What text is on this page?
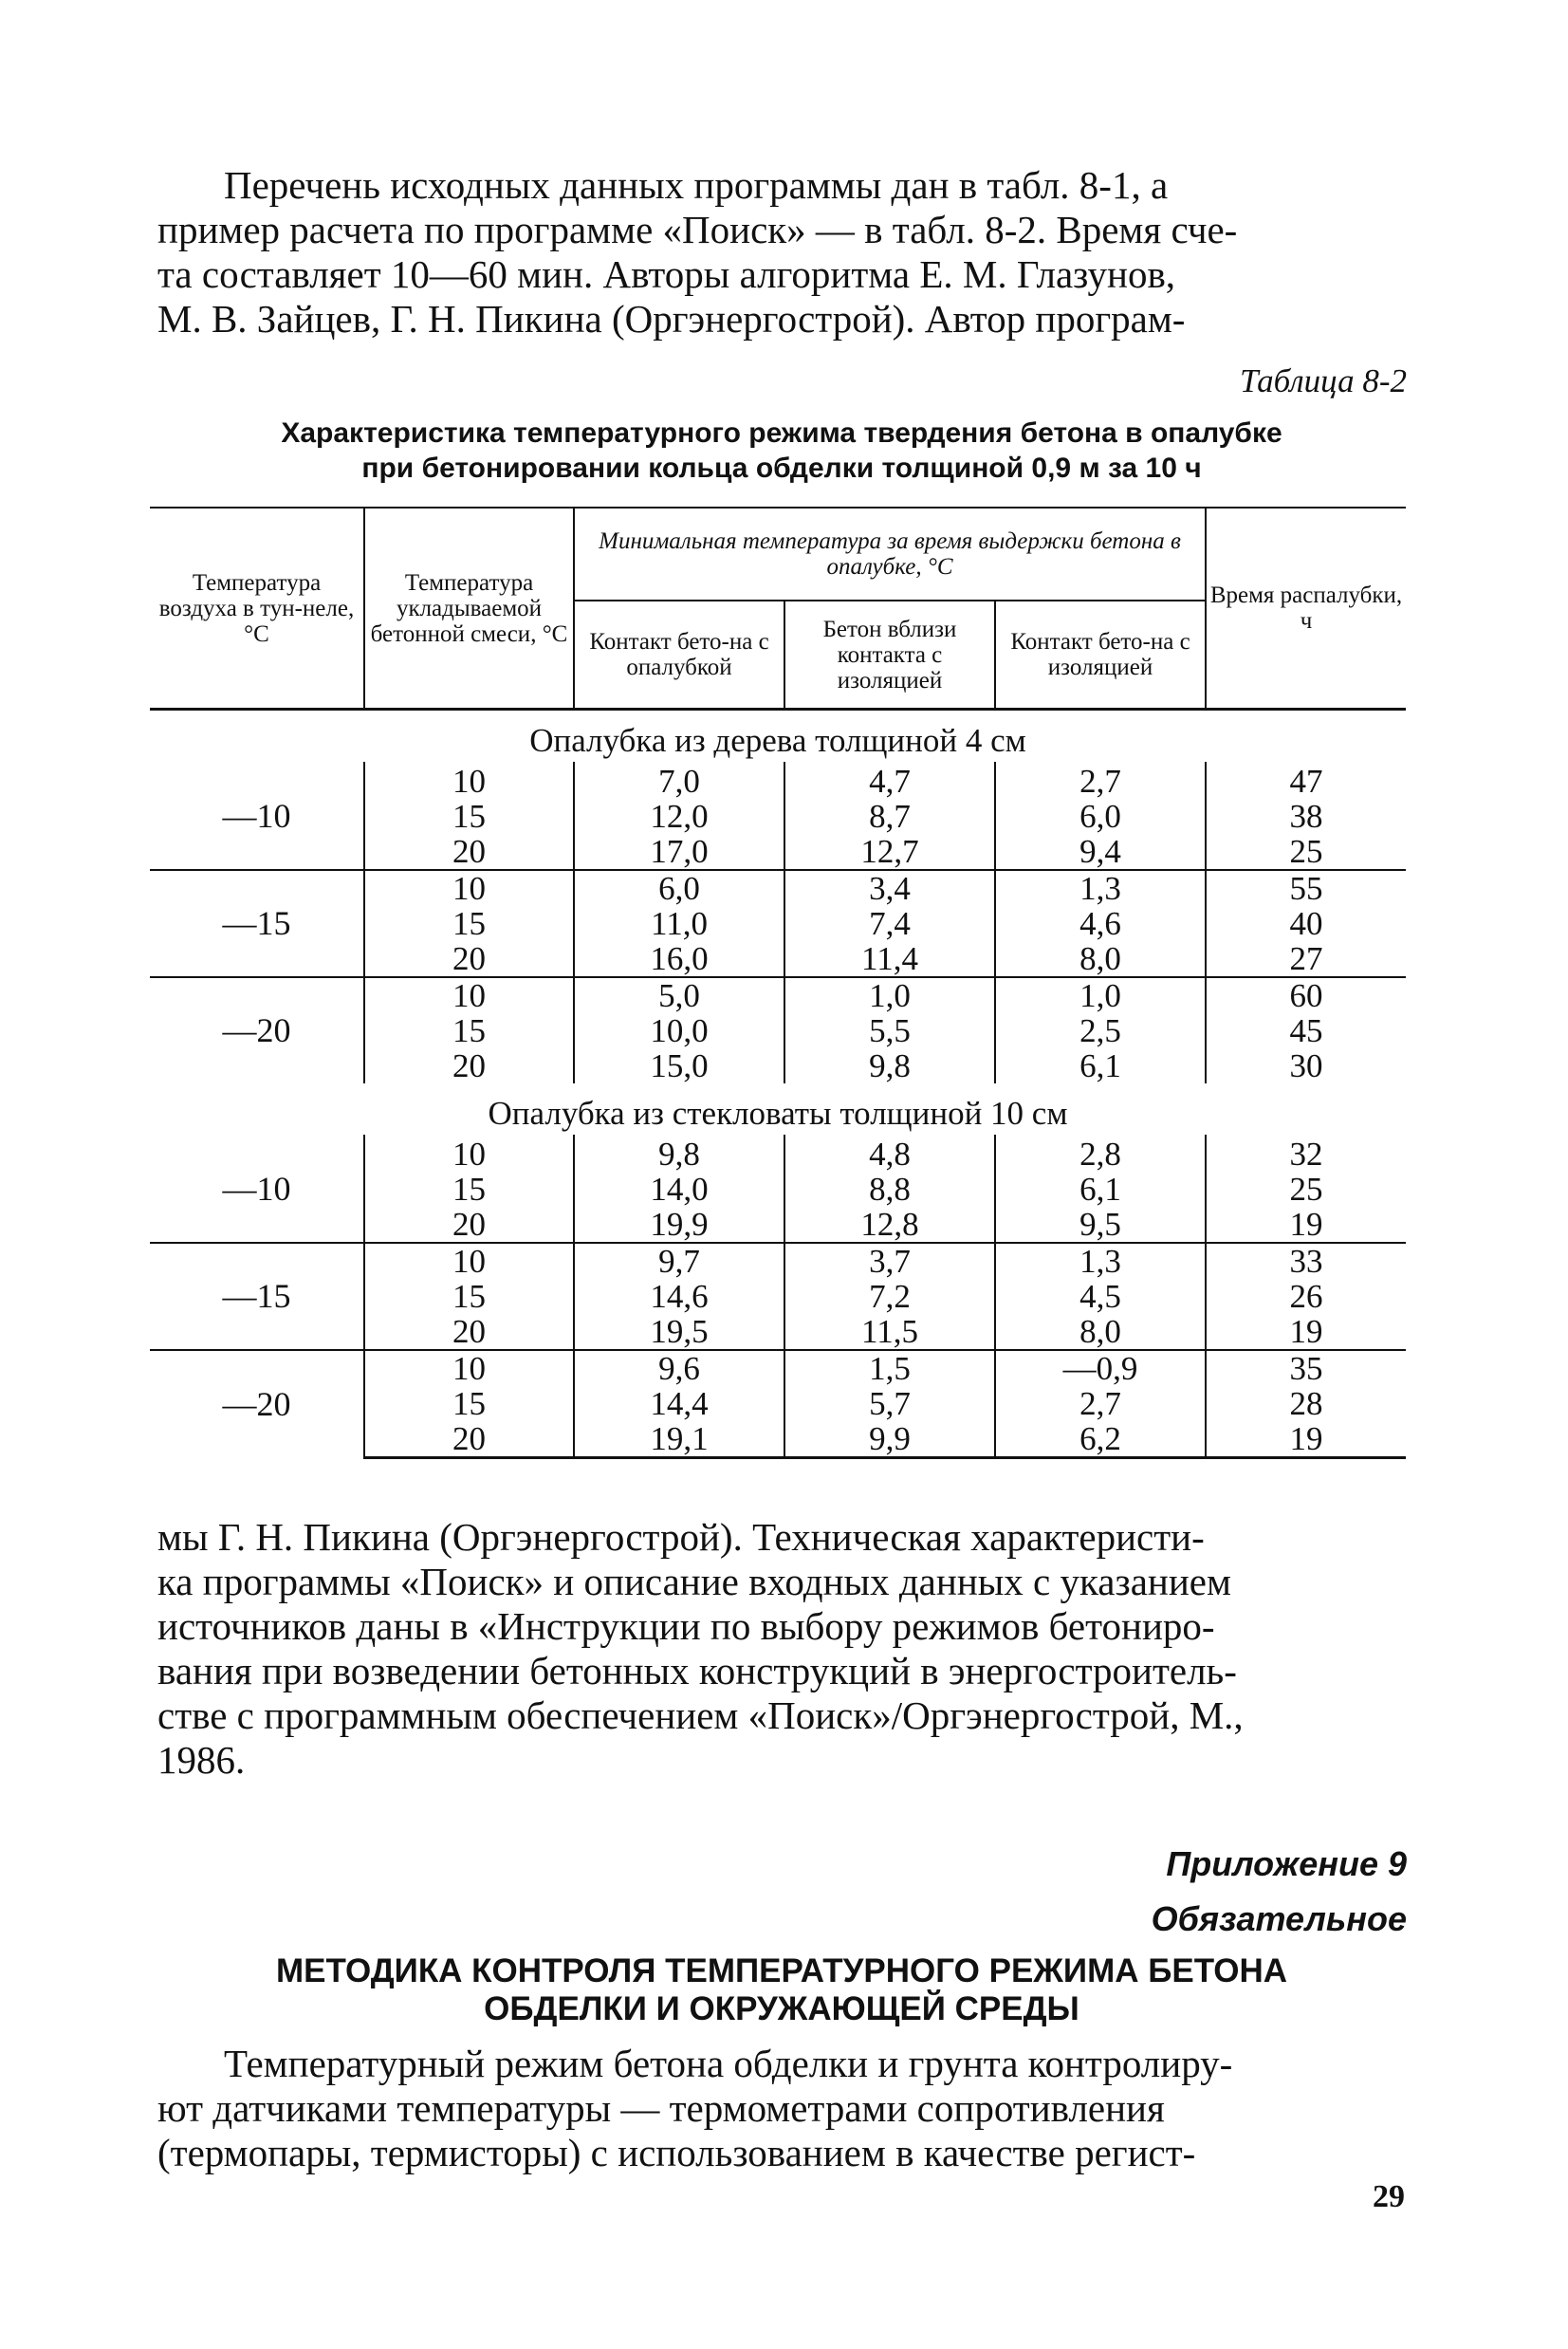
Перечень исходных данных программы дан в табл. 8-1, а
пример расчета по программе «Поиск» — в табл. 8-2. Время сче-
та составляет 10—60 мин. Авторы алгоритма Е. М. Глазунов,
М. В. Зайцев, Г. Н. Пикина (Оргэнергострой). Автор програм-

Таблица 8-2

Характеристика температурного режима твердения бетона в опалубке
при бетонировании кольца обделки толщиной 0,9 м за 10 ч

Температура воздуха в тун-неле, °С	Температура укладываемой бетонной смеси, °С	Минимальная температура за время выдержки бетона в опалубке, °С			Время распалубки, ч
		Контакт бето-на с опалубкой	Бетон вблизи контакта с изоляцией	Контакт бето-на с изоляцией	
Опалубка из дерева толщиной 4 см					
—10	10	7,0	4,7	2,7	47
	15	12,0	8,7	6,0	38
	20	17,0	12,7	9,4	25
—15	10	6,0	3,4	1,3	55
	15	11,0	7,4	4,6	40
	20	16,0	11,4	8,0	27
—20	10	5,0	1,0	1,0	60
	15	10,0	5,5	2,5	45
	20	15,0	9,8	6,1	30
Опалубка из стекловаты толщиной 10 см					
—10	10	9,8	4,8	2,8	32
	15	14,0	8,8	6,1	25
	20	19,9	12,8	9,5	19
—15	10	9,7	3,7	1,3	33
	15	14,6	7,2	4,5	26
	20	19,5	11,5	8,0	19
—20	10	9,6	1,5	—0,9	35
	15	14,4	5,7	2,7	28
	20	19,1	9,9	6,2	19
мы Г. Н. Пикина (Оргэнергострой). Техническая характеристи-
ка программы «Поиск» и описание входных данных с указанием
источников даны в «Инструкции по выбору режимов бетониро-
вания при возведении бетонных конструкций в энергостроитель-
стве с программным обеспечением «Поиск»/Оргэнергострой, М.,
1986.

Приложение 9

Обязательное

МЕТОДИКА КОНТРОЛЯ ТЕМПЕРАТУРНОГО РЕЖИМА БЕТОНА
ОБДЕЛКИ И ОКРУЖАЮЩЕЙ СРЕДЫ

Температурный режим бетона обделки и грунта контролиру-
ют датчиками температуры — термометрами сопротивления
(термопары, термисторы) с использованием в качестве регист-

29
